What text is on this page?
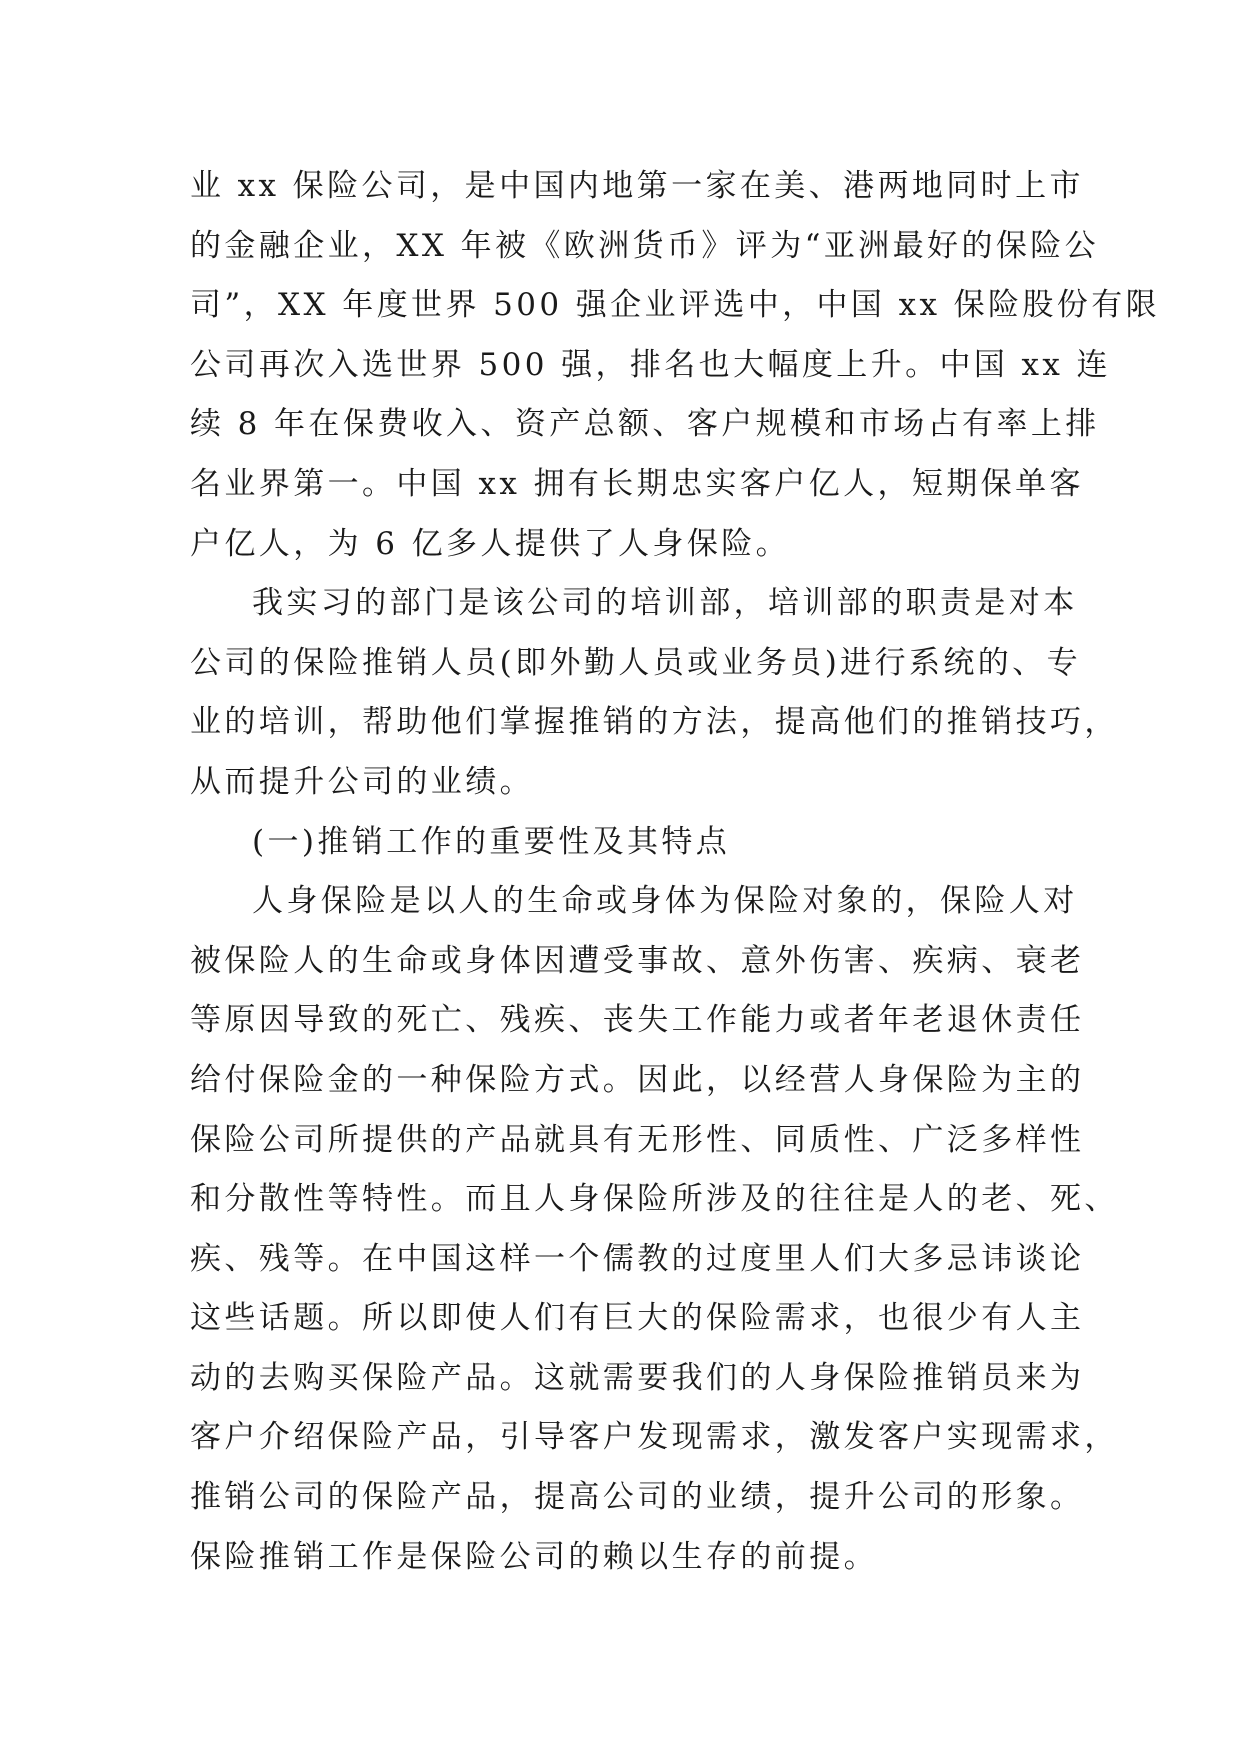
业 xx 保险公司，是中国内地第一家在美、港两地同时上市
的金融企业，XX 年被《欧洲货币》评为“亚洲最好的保险公
司”，XX 年度世界 500 强企业评选中，中国 xx 保险股份有限
公司再次入选世界 500 强，排名也大幅度上升。中国 xx 连
续 8 年在保费收入、资产总额、客户规模和市场占有率上排
名业界第一。中国 xx 拥有长期忠实客户亿人，短期保单客
户亿人，为 6 亿多人提供了人身保险。
我实习的部门是该公司的培训部，培训部的职责是对本
公司的保险推销人员(即外勤人员或业务员)进行系统的、专
业的培训，帮助他们掌握推销的方法，提高他们的推销技巧，
从而提升公司的业绩。
(一)推销工作的重要性及其特点
人身保险是以人的生命或身体为保险对象的，保险人对
被保险人的生命或身体因遭受事故、意外伤害、疾病、衰老
等原因导致的死亡、残疾、丧失工作能力或者年老退休责任
给付保险金的一种保险方式。因此，以经营人身保险为主的
保险公司所提供的产品就具有无形性、同质性、广泛多样性
和分散性等特性。而且人身保险所涉及的往往是人的老、死、
疾、残等。在中国这样一个儒教的过度里人们大多忌讳谈论
这些话题。所以即使人们有巨大的保险需求，也很少有人主
动的去购买保险产品。这就需要我们的人身保险推销员来为
客户介绍保险产品，引导客户发现需求，激发客户实现需求，
推销公司的保险产品，提高公司的业绩，提升公司的形象。
保险推销工作是保险公司的赖以生存的前提。
